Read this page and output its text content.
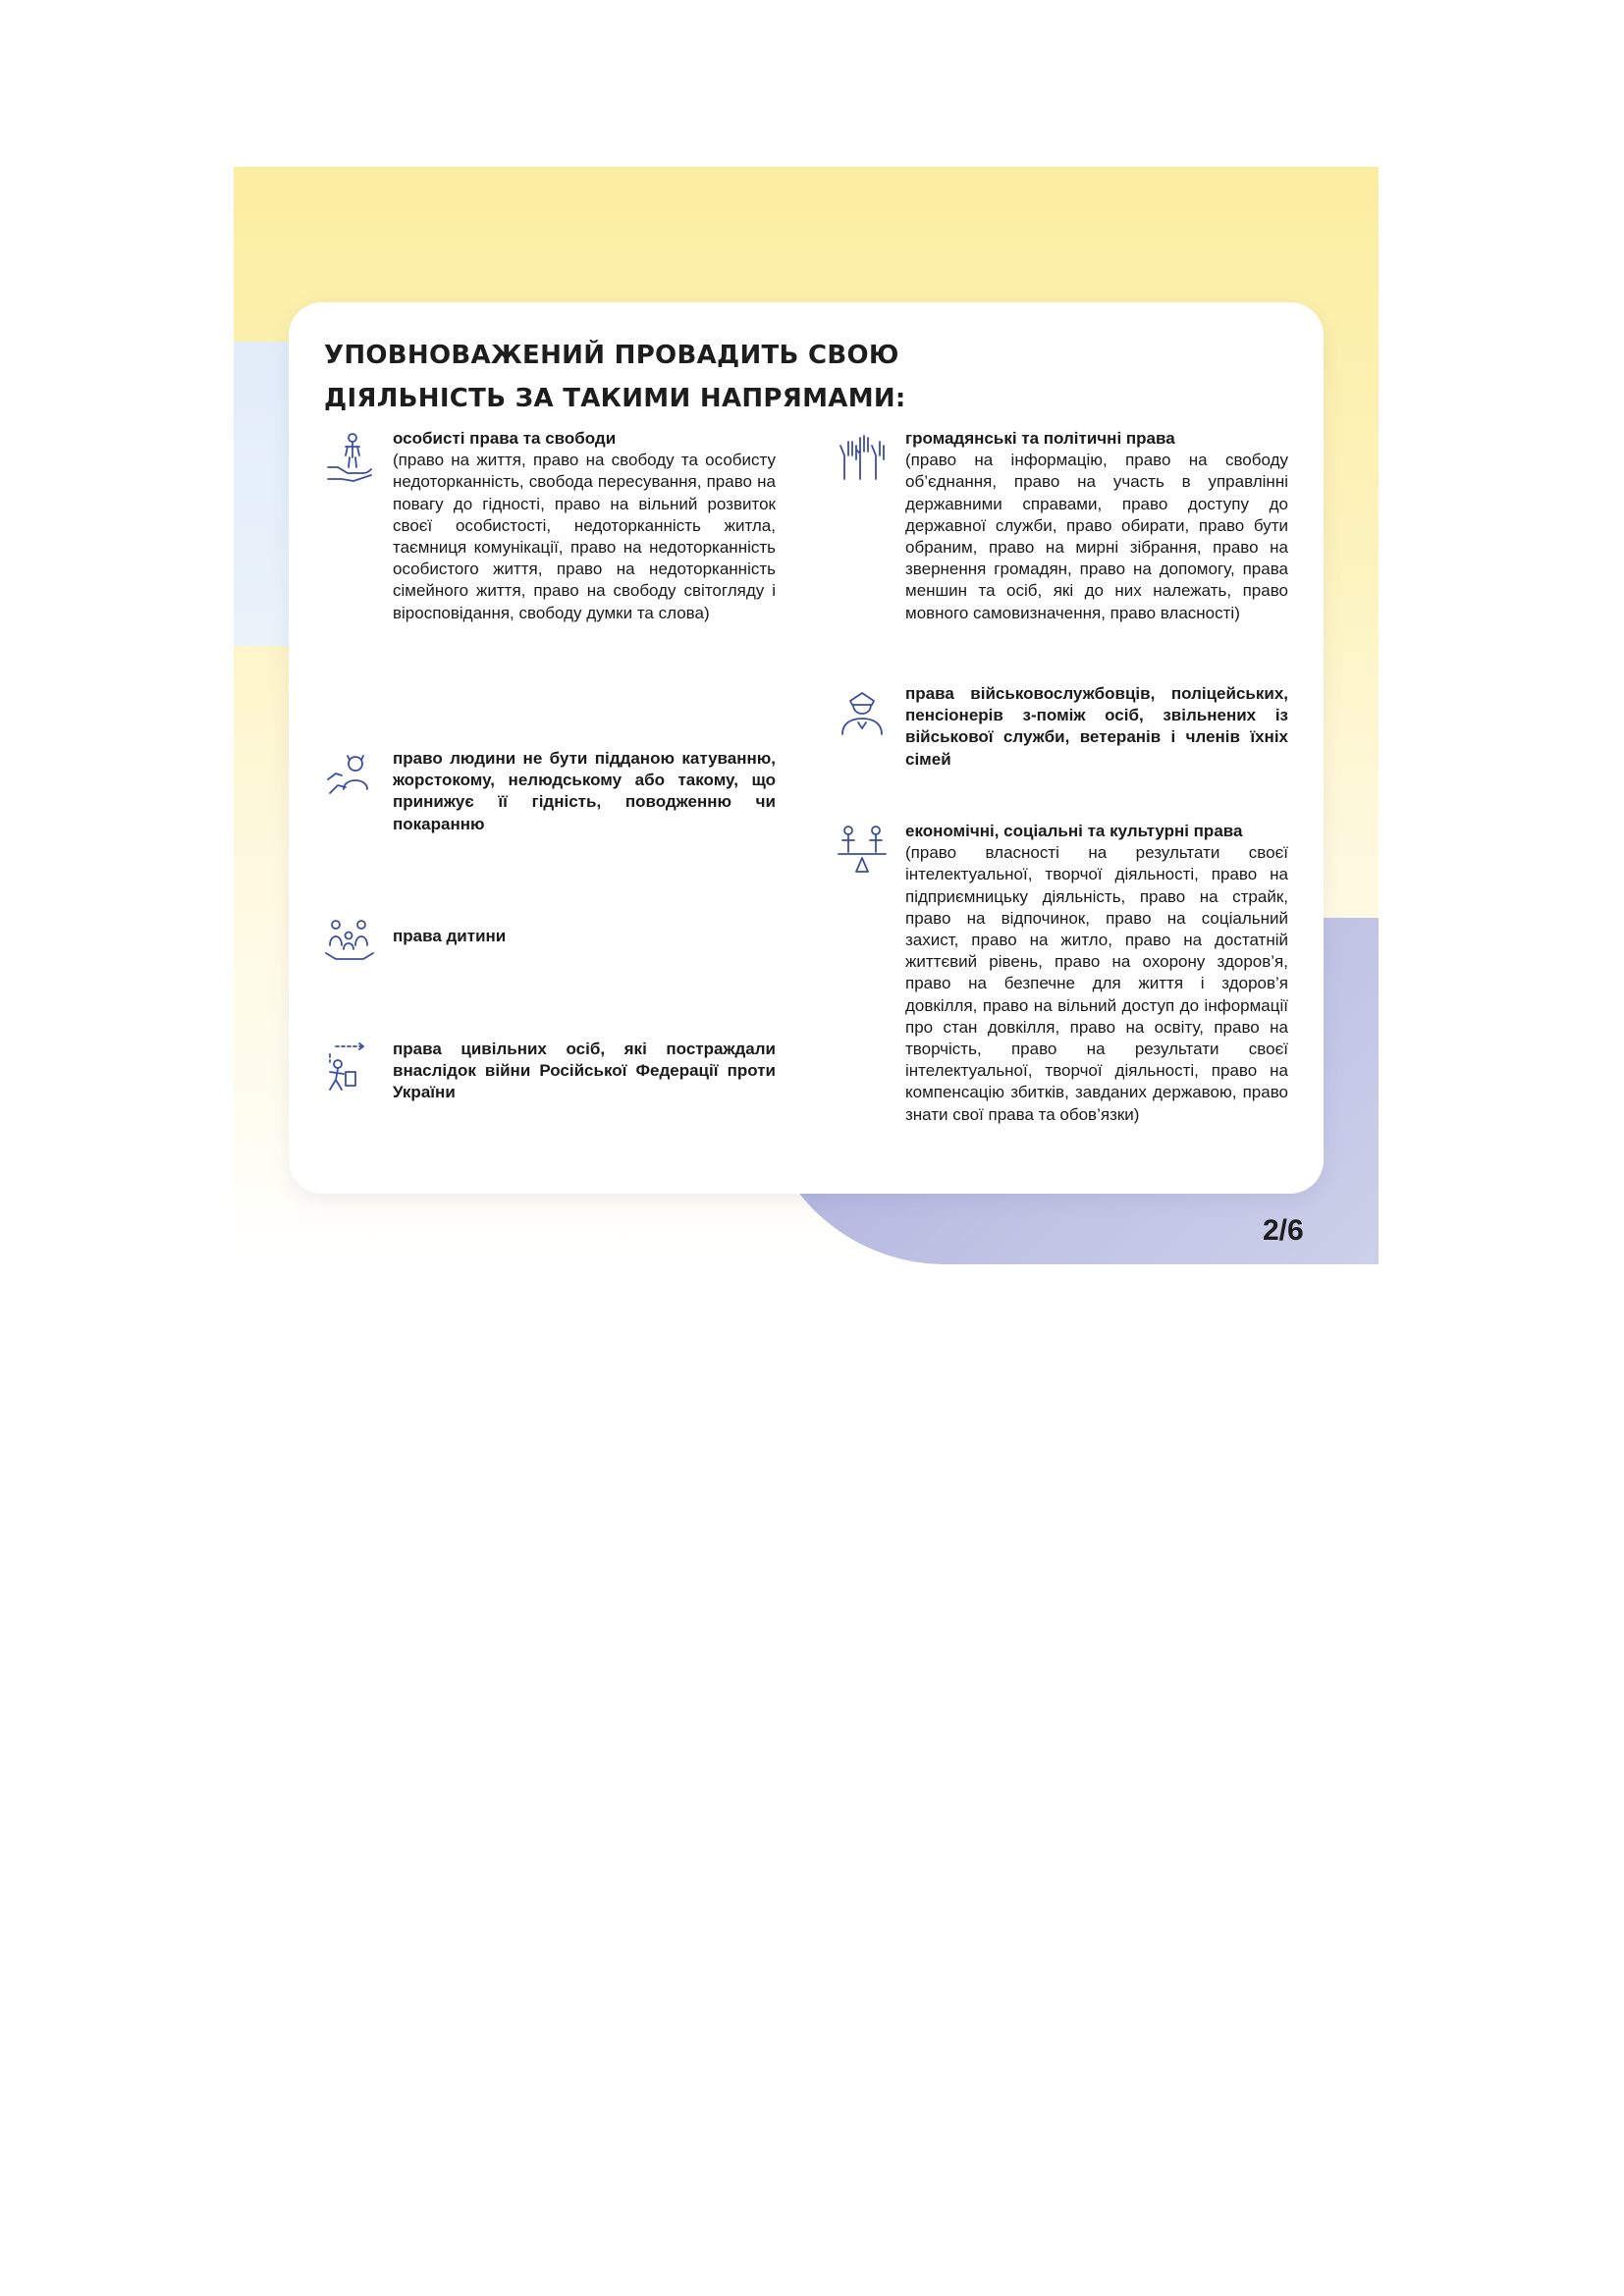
УПОВНОВАЖЕНИЙ ПРОВАДИТЬ СВОЮ
ДІЯЛЬНІСТЬ ЗА ТАКИМИ НАПРЯМАМИ:
особисті права та свободи
(право на життя, право на свободу та особисту недоторканність, свобода пересування, право на повагу до гідності, право на вільний розвиток своєї особистості, недоторканність житла, таємниця комунікації, право на недоторканність особистого життя, право на недоторканність сімейного життя, право на свободу світогляду і віросповідання, свободу думки та слова)
право людини не бути підданою катуванню, жорстокому, нелюдському або такому, що принижує її гідність, поводженню чи покаранню
права дитини
права цивільних осіб, які постраждали внаслідок війни Російської Федерації проти України
громадянські та політичні права
(право на інформацію, право на свободу об’єднання, право на участь в управлінні державними справами, право доступу до державної служби, право обирати, право бути обраним, право на мирні зібрання, право на звернення громадян, право на допомогу, права меншин та осіб, які до них належать, право мовного самовизначення, право власності)
права військовослужбовців, поліцейських, пенсіонерів з-поміж осіб, звільнених із військової служби, ветеранів і членів їхніх сімей
економічні, соціальні та культурні права
(право власності на результати своєї інтелектуальної, творчої діяльності, право на підприємницьку діяльність, право на страйк, право на відпочинок, право на соціальний захист, право на житло, право на достатній життєвий рівень, право на охорону здоров’я, право на безпечне для життя і здоров’я довкілля, право на вільний доступ до інформації про стан довкілля, право на освіту, право на творчість, право на результати своєї інтелектуальної, творчої діяльності, право на компенсацію збитків, завданих державою, право знати свої права та обов’язки)
2/6
